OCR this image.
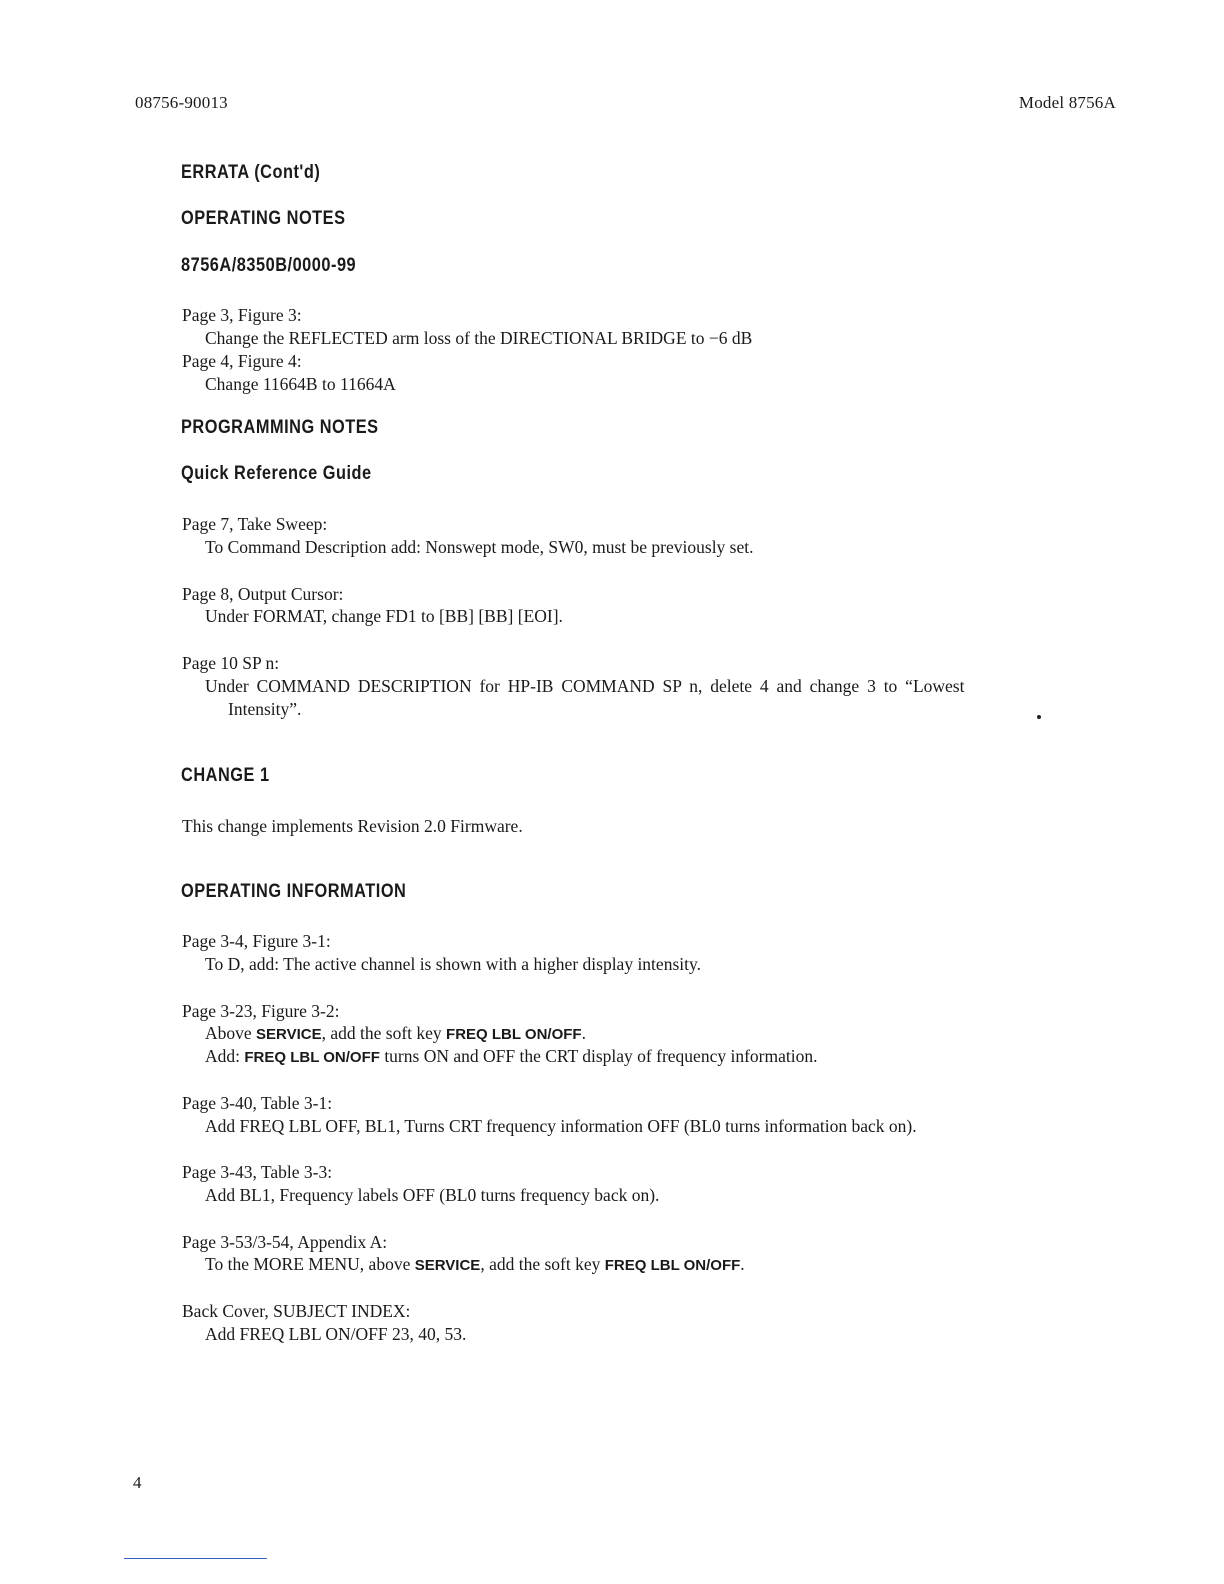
08756-90013	Model 8756A
ERRATA (Cont'd)
OPERATING NOTES
8756A/8350B/0000-99
Page 3, Figure 3:
Change the REFLECTED arm loss of the DIRECTIONAL BRIDGE to −6 dB
Page 4, Figure 4:
Change 11664B to 11664A
PROGRAMMING NOTES
Quick Reference Guide
Page 7, Take Sweep:
To Command Description add: Nonswept mode, SW0, must be previously set.
Page 8, Output Cursor:
Under FORMAT, change FD1 to [BB] [BB] [EOI].
Page 10 SP n:
Under COMMAND DESCRIPTION for HP-IB COMMAND SP n, delete 4 and change 3 to “Lowest
Intensity”.
CHANGE 1
This change implements Revision 2.0 Firmware.
OPERATING INFORMATION
Page 3-4, Figure 3-1:
To D, add: The active channel is shown with a higher display intensity.
Page 3-23, Figure 3-2:
Above SERVICE, add the soft key FREQ LBL ON/OFF.
Add: FREQ LBL ON/OFF turns ON and OFF the CRT display of frequency information.
Page 3-40, Table 3-1:
Add FREQ LBL OFF, BL1, Turns CRT frequency information OFF (BL0 turns information back on).
Page 3-43, Table 3-3:
Add BL1, Frequency labels OFF (BL0 turns frequency back on).
Page 3-53/3-54, Appendix A:
To the MORE MENU, above SERVICE, add the soft key FREQ LBL ON/OFF.
Back Cover, SUBJECT INDEX:
Add FREQ LBL ON/OFF 23, 40, 53.
4
